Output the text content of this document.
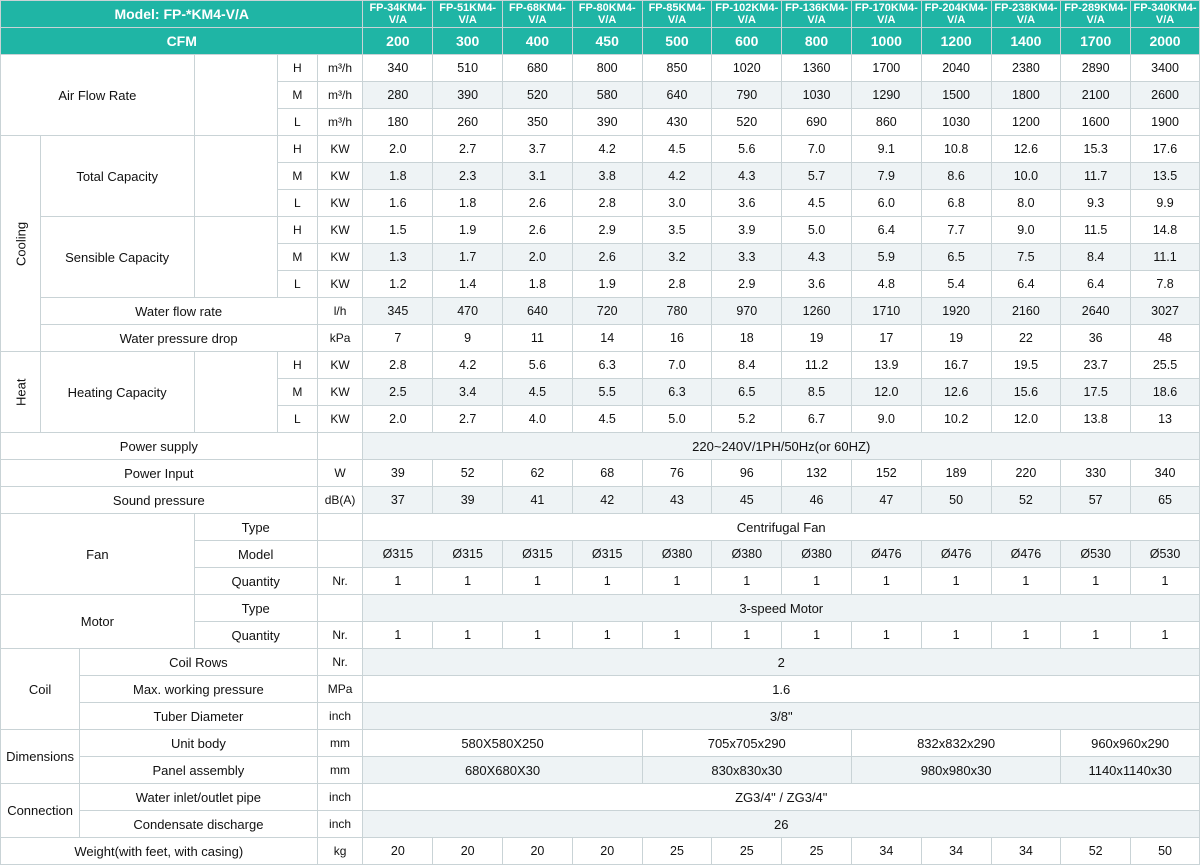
Model: FP-*KM4-V/A						FP-34KM4-V/A	FP-51KM4-V/A	FP-68KM4-V/A	FP-80KM4-V/A	FP-85KM4-V/A	FP-102KM4-V/A	FP-136KM4-V/A	FP-170KM4-V/A	FP-204KM4-V/A	FP-238KM4-V/A	FP-289KM4-V/A	FP-340KM4-V/A
CFM						200	300	400	450	500	600	800	1000	1200	1400	1700	2000
Air Flow Rate				H	m³/h	340	510	680	800	850	1020	1360	1700	2040	2380	2890	3400
				M	m³/h	280	390	520	580	640	790	1030	1290	1500	1800	2100	2600
				L	m³/h	180	260	350	390	430	520	690	860	1030	1200	1600	1900
Cooling	Total Capacity			H	KW	2.0	2.7	3.7	4.2	4.5	5.6	7.0	9.1	10.8	12.6	15.3	17.6
				M	KW	1.8	2.3	3.1	3.8	4.2	4.3	5.7	7.9	8.6	10.0	11.7	13.5
				L	KW	1.6	1.8	2.6	2.8	3.0	3.6	4.5	6.0	6.8	8.0	9.3	9.9
	Sensible Capacity			H	KW	1.5	1.9	2.6	2.9	3.5	3.9	5.0	6.4	7.7	9.0	11.5	14.8
				M	KW	1.3	1.7	2.0	2.6	3.2	3.3	4.3	5.9	6.5	7.5	8.4	11.1
				L	KW	1.2	1.4	1.8	1.9	2.8	2.9	3.6	4.8	5.4	6.4	6.4	7.8
	Water flow rate				l/h	345	470	640	720	780	970	1260	1710	1920	2160	2640	3027
	Water pressure drop				kPa	7	9	11	14	16	18	19	17	19	22	36	48
Heat	Heating Capacity			H	KW	2.8	4.2	5.6	6.3	7.0	8.4	11.2	13.9	16.7	19.5	23.7	25.5
				M	KW	2.5	3.4	4.5	5.5	6.3	6.5	8.5	12.0	12.6	15.6	17.5	18.6
				L	KW	2.0	2.7	4.0	4.5	5.0	5.2	6.7	9.0	10.2	12.0	13.8	13
Power supply						220~240V/1PH/50Hz(or 60HZ)											
Power Input					W	39	52	62	68	76	96	132	152	189	220	330	340
Sound pressure					dB(A)	37	39	41	42	43	45	46	47	50	52	57	65
Fan			Type			Centrifugal Fan											
			Model			Ø315	Ø315	Ø315	Ø315	Ø380	Ø380	Ø380	Ø476	Ø476	Ø476	Ø530	Ø530
			Quantity		Nr.	1	1	1	1	1	1	1	1	1	1	1	1
Motor			Type			3-speed Motor											
			Quantity		Nr.	1	1	1	1	1	1	1	1	1	1	1	1
Coil		Coil Rows			Nr.	2											
		Max. working pressure			MPa	1.6											
		Tuber Diameter			inch	3/8"											
Dimensions		Unit body			mm	580X580X250				705x705x290			832x832x290			960x960x290	
		Panel assembly			mm	680X680X30				830x830x30			980x980x30			1140x1140x30	
Connection		Water inlet/outlet pipe			inch	ZG3/4" / ZG3/4"											
		Condensate discharge			inch	26											
Weight(with feet, with casing)					kg	20	20	20	20	25	25	25	34	34	34	52	50
